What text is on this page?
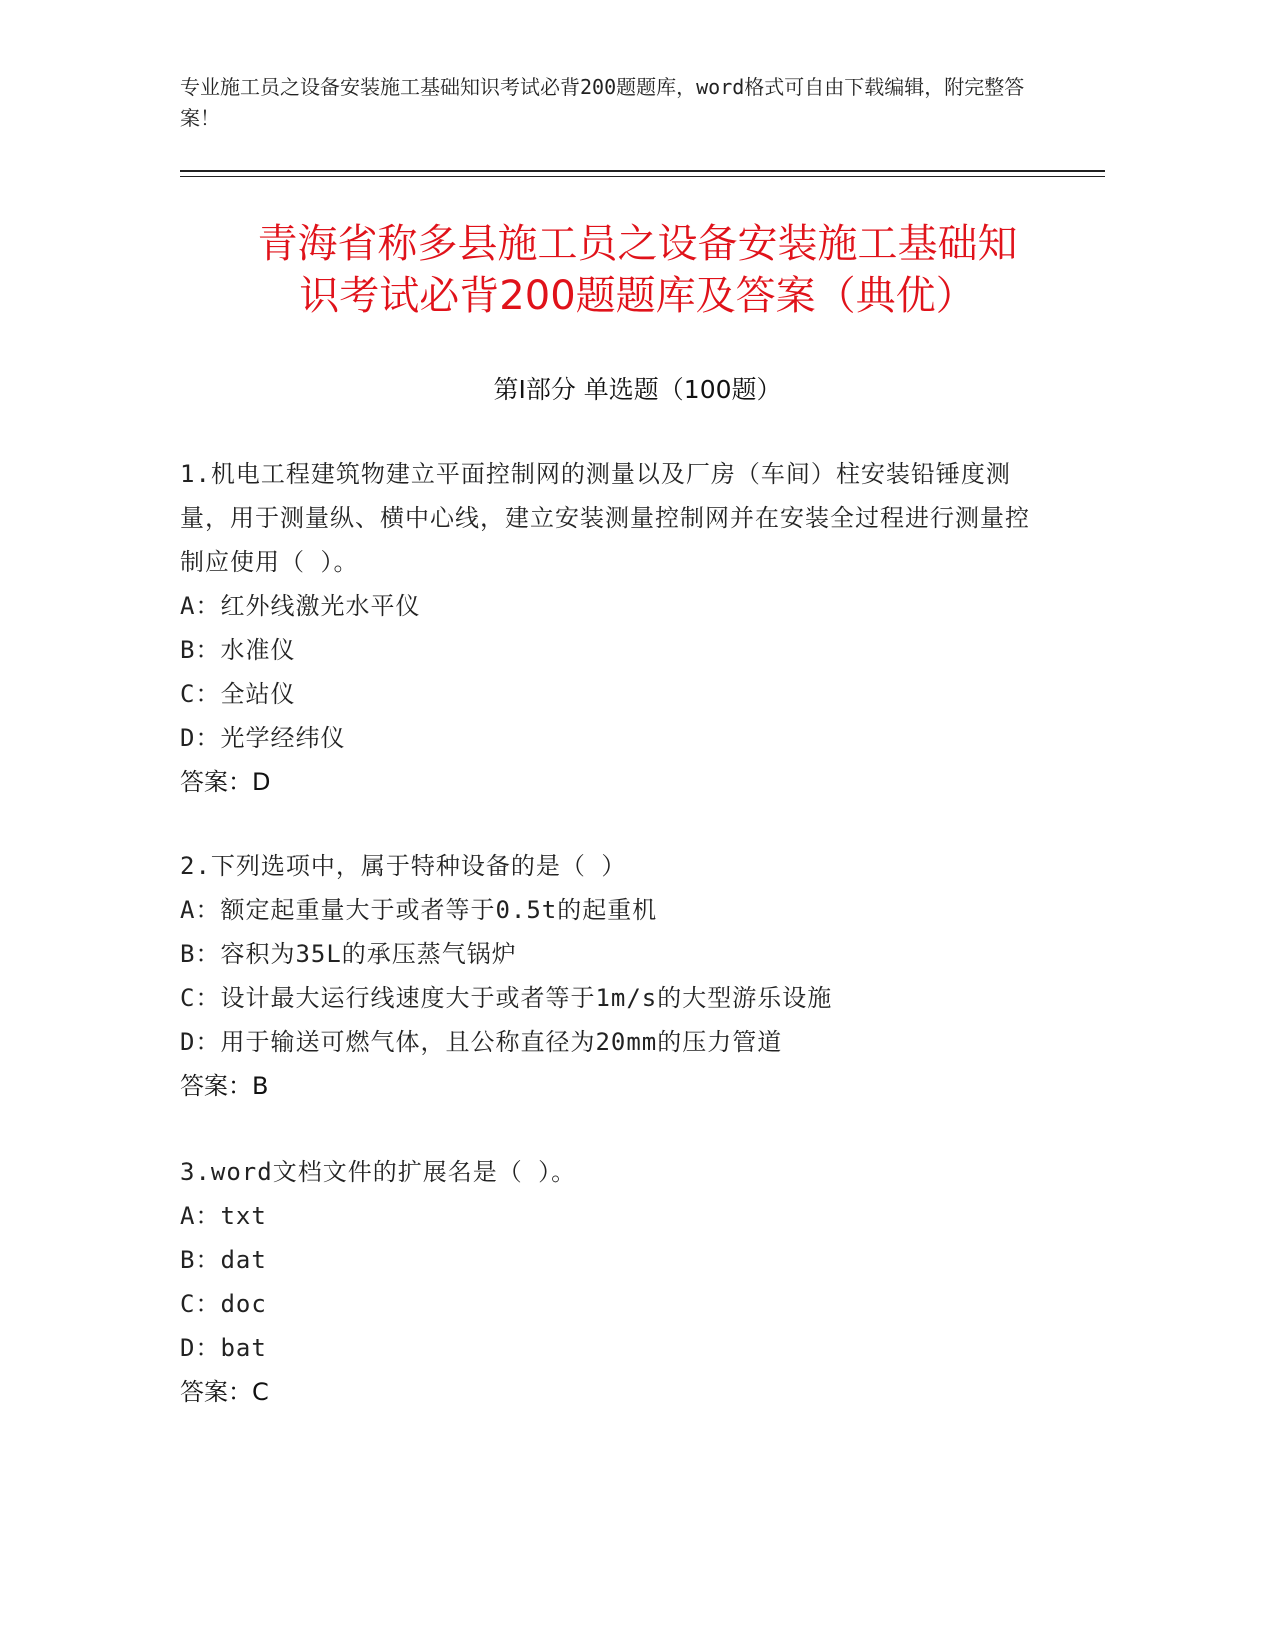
专业施工员之设备安装施工基础知识考试必背200题题库，word格式可自由下载编辑，附完整答案！
青海省称多县施工员之设备安装施工基础知
识考试必背200题题库及答案（典优）
第Ⅰ部分 单选题（100题）
1.机电工程建筑物建立平面控制网的测量以及厂房（车间）柱安装铅锤度测量，用于测量纵、横中心线，建立安装测量控制网并在安装全过程进行测量控制应使用（ ）。
A：红外线激光水平仪
B：水准仪
C：全站仪
D：光学经纬仪
答案：D
2.下列选项中，属于特种设备的是（ ）
A：额定起重量大于或者等于0.5t的起重机
B：容积为35L的承压蒸气锅炉
C：设计最大运行线速度大于或者等于1m/s的大型游乐设施
D：用于输送可燃气体，且公称直径为20mm的压力管道
答案：B
3.word文档文件的扩展名是（ ）。
A：txt
B：dat
C：doc
D：bat
答案：C
